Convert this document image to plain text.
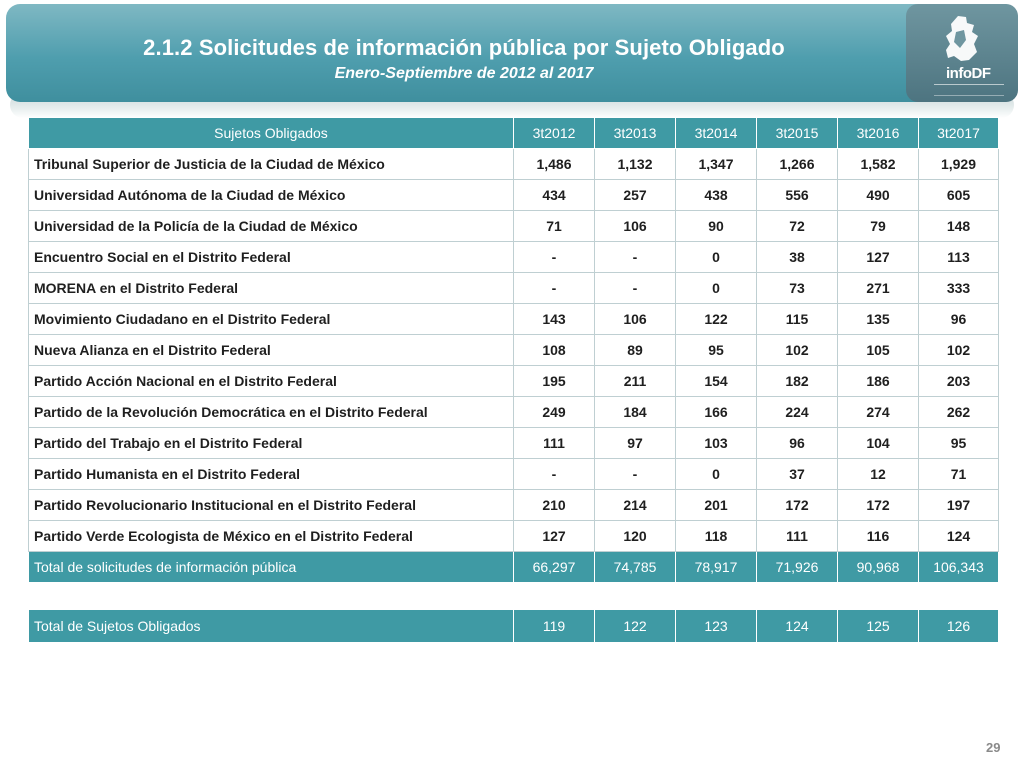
2.1.2 Solicitudes de información pública por Sujeto Obligado
Enero-Septiembre de 2012 al 2017	infoDF
Sujetos Obligados	3t2012	3t2013	3t2014	3t2015	3t2016	3t2017
Tribunal Superior de Justicia de la Ciudad de México	1,486	1,132	1,347	1,266	1,582	1,929
Universidad Autónoma de la Ciudad de México	434	257	438	556	490	605
Universidad de la Policía de la Ciudad de México	71	106	90	72	79	148
Encuentro Social en el Distrito Federal	-	-	0	38	127	113
MORENA en el Distrito Federal	-	-	0	73	271	333
Movimiento Ciudadano en el Distrito Federal	143	106	122	115	135	96
Nueva Alianza en el Distrito Federal	108	89	95	102	105	102
Partido Acción Nacional en el Distrito Federal	195	211	154	182	186	203
Partido de la Revolución Democrática en el Distrito Federal	249	184	166	224	274	262
Partido del Trabajo en el Distrito Federal	111	97	103	96	104	95
Partido Humanista en el Distrito Federal	-	-	0	37	12	71
Partido Revolucionario Institucional en el Distrito Federal	210	214	201	172	172	197
Partido Verde Ecologista de México en el Distrito Federal	127	120	118	111	116	124
Total de solicitudes de información pública	66,297	74,785	78,917	71,926	90,968	106,343
Total de Sujetos Obligados	119	122	123	124	125	126
29
